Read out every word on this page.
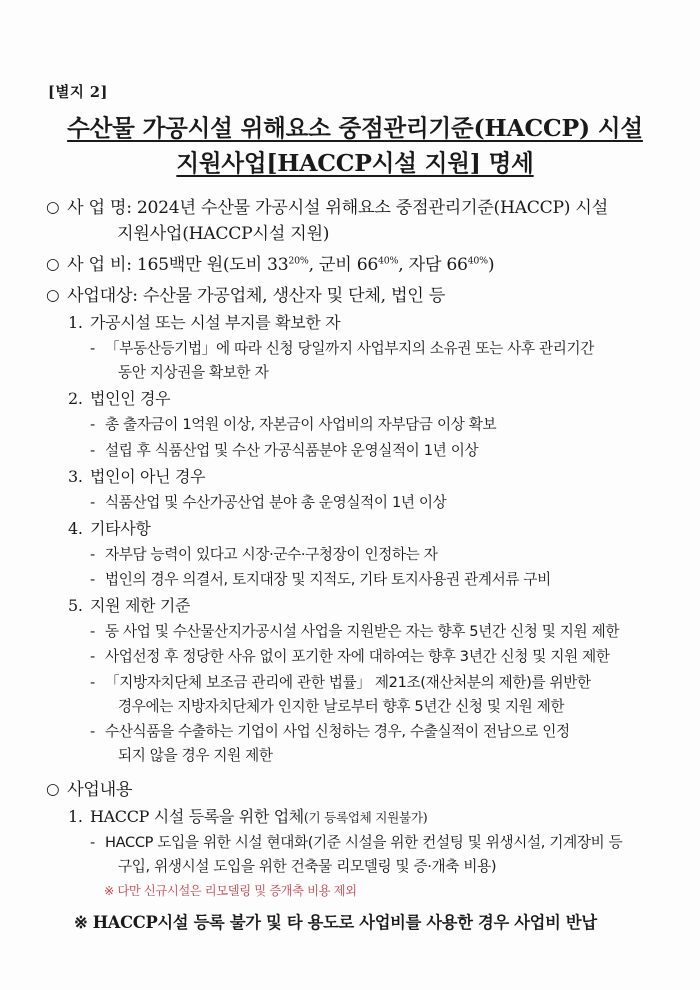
[별지 2]
수산물 가공시설 위해요소 중점관리기준(HACCP) 시설
지원사업[HACCP시설 지원] 명세
○ 사 업 명: 2024년 수산물 가공시설 위해요소 중점관리기준(HACCP) 시설
지원사업(HACCP시설 지원)
○ 사 업 비: 165백만 원(도비 $33^{20\%}$, 군비 $66^{40\%}$, 자담 $66^{40\%}$)
○ 사업대상: 수산물 가공업체, 생산자 및 단체, 법인 등
1. 가공시설 또는 시설 부지를 확보한 자
- 「부동산등기법」에 따라 신청 당일까지 사업부지의 소유권 또는 사후 관리기간
동안 지상권을 확보한 자
2. 법인인 경우
- 총 출자금이 1억원 이상, 자본금이 사업비의 자부담금 이상 확보
- 설립 후 식품산업 및 수산 가공식품분야 운영실적이 1년 이상
3. 법인이 아닌 경우
- 식품산업 및 수산가공산업 분야 총 운영실적이 1년 이상
4. 기타사항
- 자부담 능력이 있다고 시장·군수·구청장이 인정하는 자
- 법인의 경우 의결서, 토지대장 및 지적도, 기타 토지사용권 관계서류 구비
5. 지원 제한 기준
- 동 사업 및 수산물산지가공시설 사업을 지원받은 자는 향후 5년간 신청 및 지원 제한
- 사업선정 후 정당한 사유 없이 포기한 자에 대하여는 향후 3년간 신청 및 지원 제한
- 「지방자치단체 보조금 관리에 관한 법률」 제21조(재산처분의 제한)를 위반한
경우에는 지방자치단체가 인지한 날로부터 향후 5년간 신청 및 지원 제한
- 수산식품을 수출하는 기업이 사업 신청하는 경우, 수출실적이 전남으로 인정
되지 않을 경우 지원 제한
○ 사업내용
1. HACCP 시설 등록을 위한 업체(기 등록업체 지원불가)
- HACCP 도입을 위한 시설 현대화(기준 시설을 위한 컨설팅 및 위생시설, 기계장비 등
구입, 위생시설 도입을 위한 건축물 리모델링 및 증·개축 비용)
※ 다만 신규시설은 리모델링 및 증개축 비용 제외
※ HACCP시설 등록 불가 및 타 용도로 사업비를 사용한 경우 사업비 반납
